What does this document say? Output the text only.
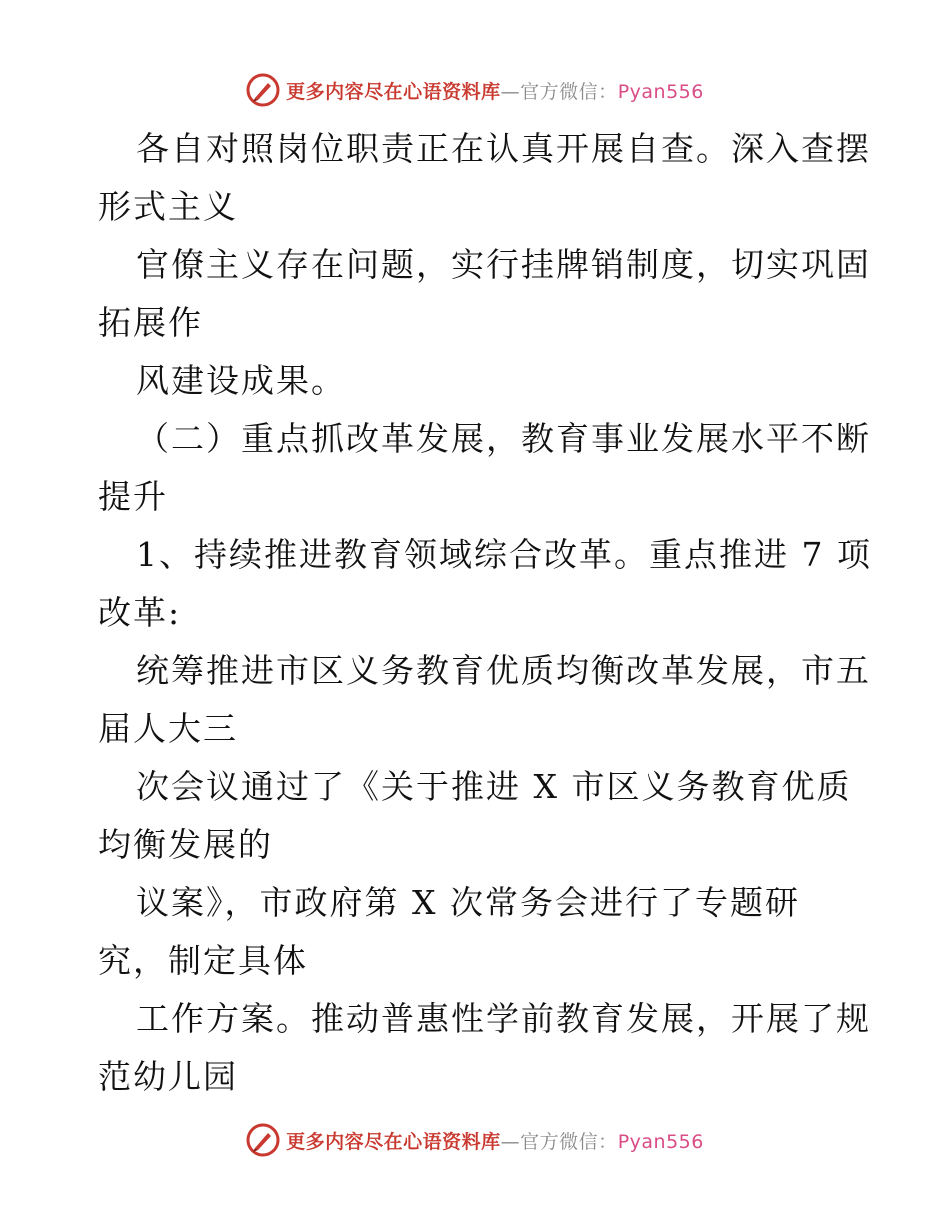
更多内容尽在心语资料库—官方微信：Pyan556
各自对照岗位职责正在认真开展自查。深入查摆
形式主义
官僚主义存在问题，实行挂牌销制度，切实巩固
拓展作
风建设成果。
（二）重点抓改革发展，教育事业发展水平不断
提升
1、持续推进教育领域综合改革。重点推进 7 项
改革:
统筹推进市区义务教育优质均衡改革发展，市五
届人大三
次会议通过了《关于推进 X 市区义务教育优质
均衡发展的
议案》，市政府第 X 次常务会进行了专题研
究，制定具体
工作方案。推动普惠性学前教育发展，开展了规
范幼儿园
更多内容尽在心语资料库—官方微信：Pyan556
